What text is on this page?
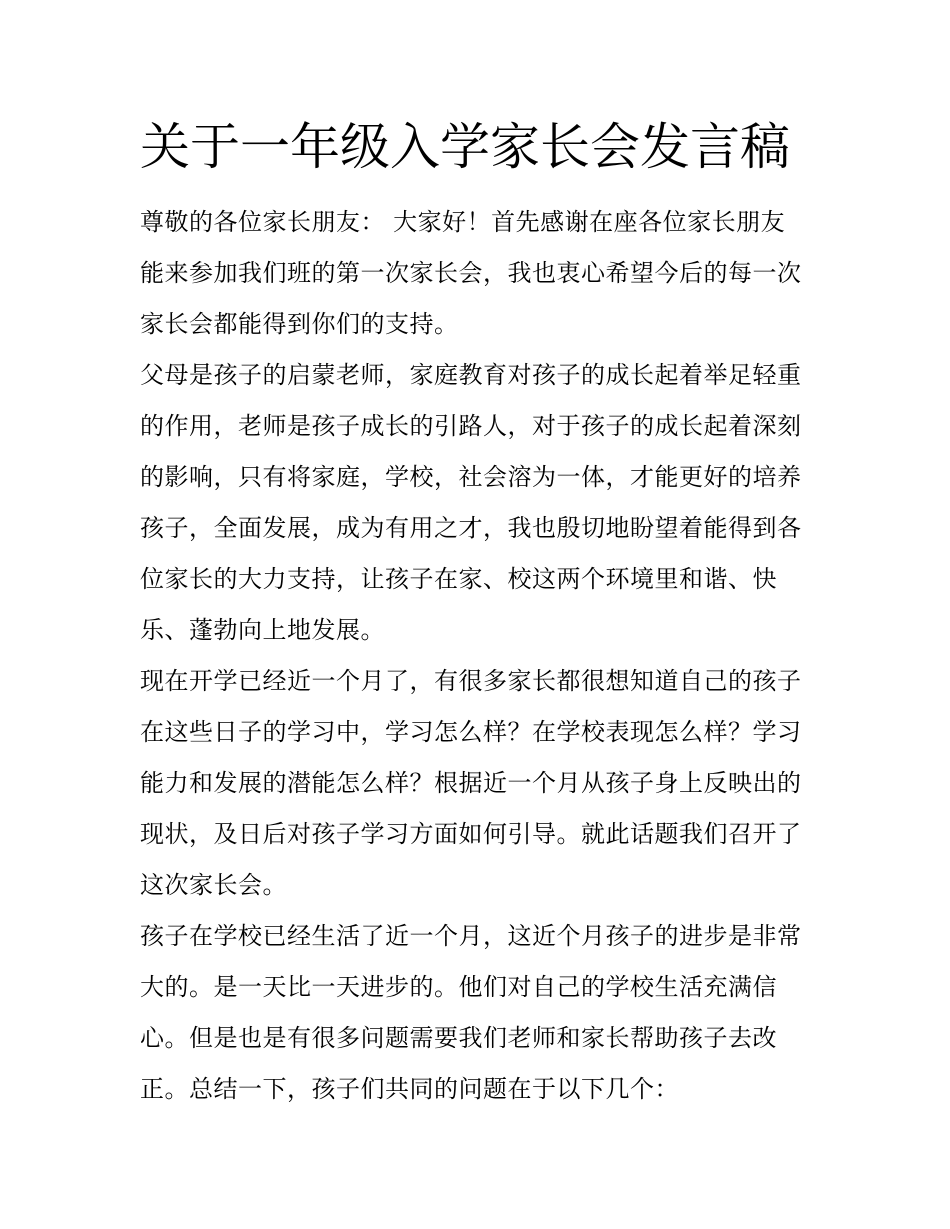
关于一年级入学家长会发言稿

尊敬的各位家长朋友： 大家好！首先感谢在座各位家长朋友
能来参加我们班的第一次家长会，我也衷心希望今后的每一次
家长会都能得到你们的支持。

父母是孩子的启蒙老师，家庭教育对孩子的成长起着举足轻重
的作用，老师是孩子成长的引路人，对于孩子的成长起着深刻
的影响，只有将家庭，学校，社会溶为一体，才能更好的培养
孩子，全面发展，成为有用之才，我也殷切地盼望着能得到各
位家长的大力支持，让孩子在家、校这两个环境里和谐、快
乐、蓬勃向上地发展。

现在开学已经近一个月了，有很多家长都很想知道自己的孩子
在这些日子的学习中，学习怎么样？在学校表现怎么样？学习
能力和发展的潜能怎么样？根据近一个月从孩子身上反映出的
现状，及日后对孩子学习方面如何引导。就此话题我们召开了
这次家长会。

孩子在学校已经生活了近一个月，这近个月孩子的进步是非常
大的。是一天比一天进步的。他们对自己的学校生活充满信
心。但是也是有很多问题需要我们老师和家长帮助孩子去改
正。总结一下，孩子们共同的问题在于以下几个：
